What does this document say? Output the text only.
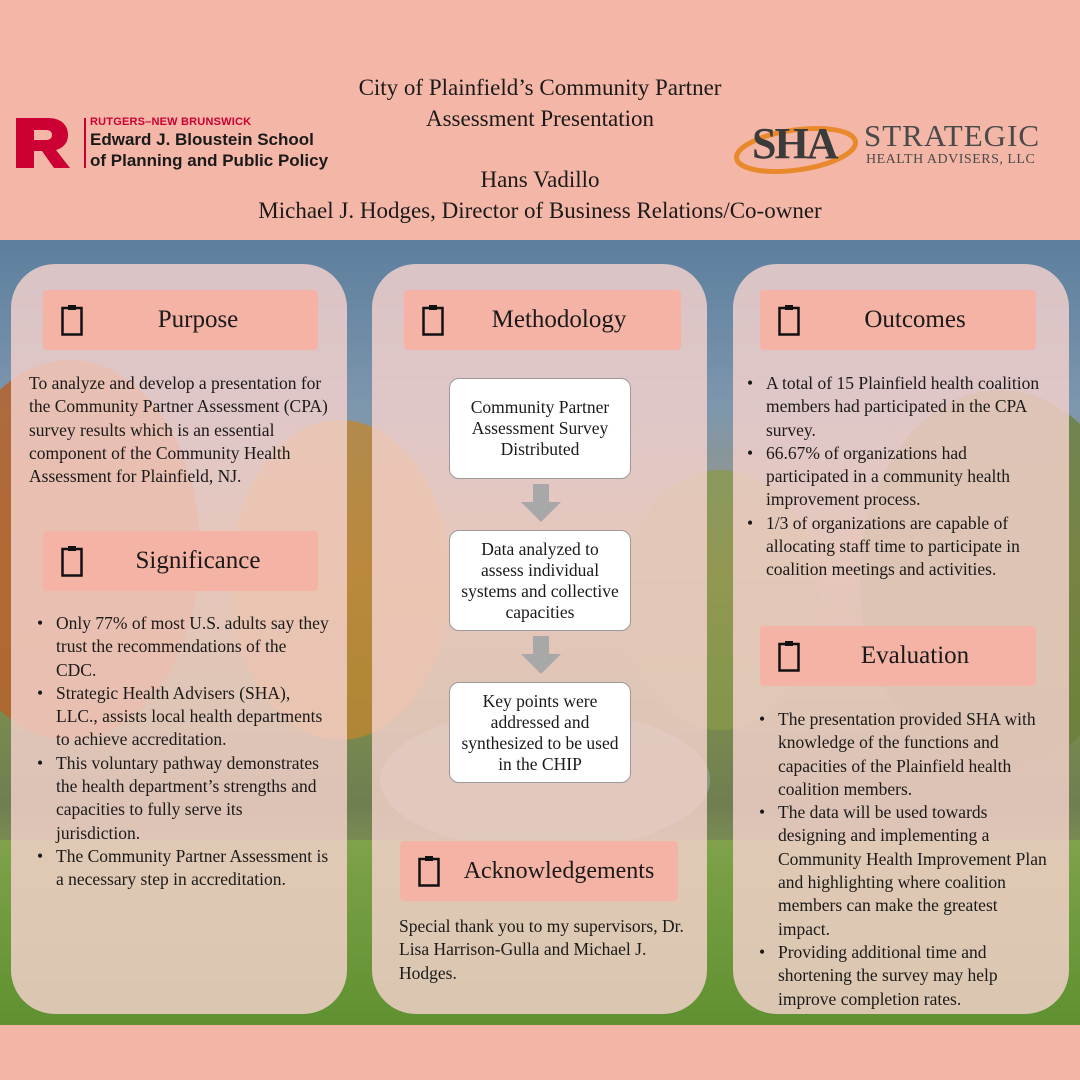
City of Plainfield’s Community Partner
Assessment Presentation
Hans Vadillo
Michael J. Hodges, Director of Business Relations/Co-owner
RUTGERS–NEW BRUNSWICK
Edward J. Bloustein School
of Planning and Public Policy	SHA STRATEGIC
HEALTH ADVISERS, LLC
Purpose
To analyze and develop a presentation for the Community Partner Assessment (CPA) survey results which is an essential component of the Community Health Assessment for Plainfield, NJ.
Significance
• Only 77% of most U.S. adults say they trust the recommendations of the CDC.
• Strategic Health Advisers (SHA), LLC., assists local health departments to achieve accreditation.
• This voluntary pathway demonstrates the health department’s strengths and capacities to fully serve its jurisdiction.
• The Community Partner Assessment is a necessary step in accreditation.
Methodology
Community Partner Assessment Survey Distributed
Data analyzed to assess individual systems and collective capacities
Key points were addressed and synthesized to be used in the CHIP
Acknowledgements
Special thank you to my supervisors, Dr. Lisa Harrison-Gulla and Michael J. Hodges.
Outcomes
• A total of 15 Plainfield health coalition members had participated in the CPA survey.
• 66.67% of organizations had participated in a community health improvement process.
• 1/3 of organizations are capable of allocating staff time to participate in coalition meetings and activities.
Evaluation
• The presentation provided SHA with knowledge of the functions and capacities of the Plainfield health coalition members.
• The data will be used towards designing and implementing a Community Health Improvement Plan and highlighting where coalition members can make the greatest impact.
• Providing additional time and shortening the survey may help improve completion rates.
